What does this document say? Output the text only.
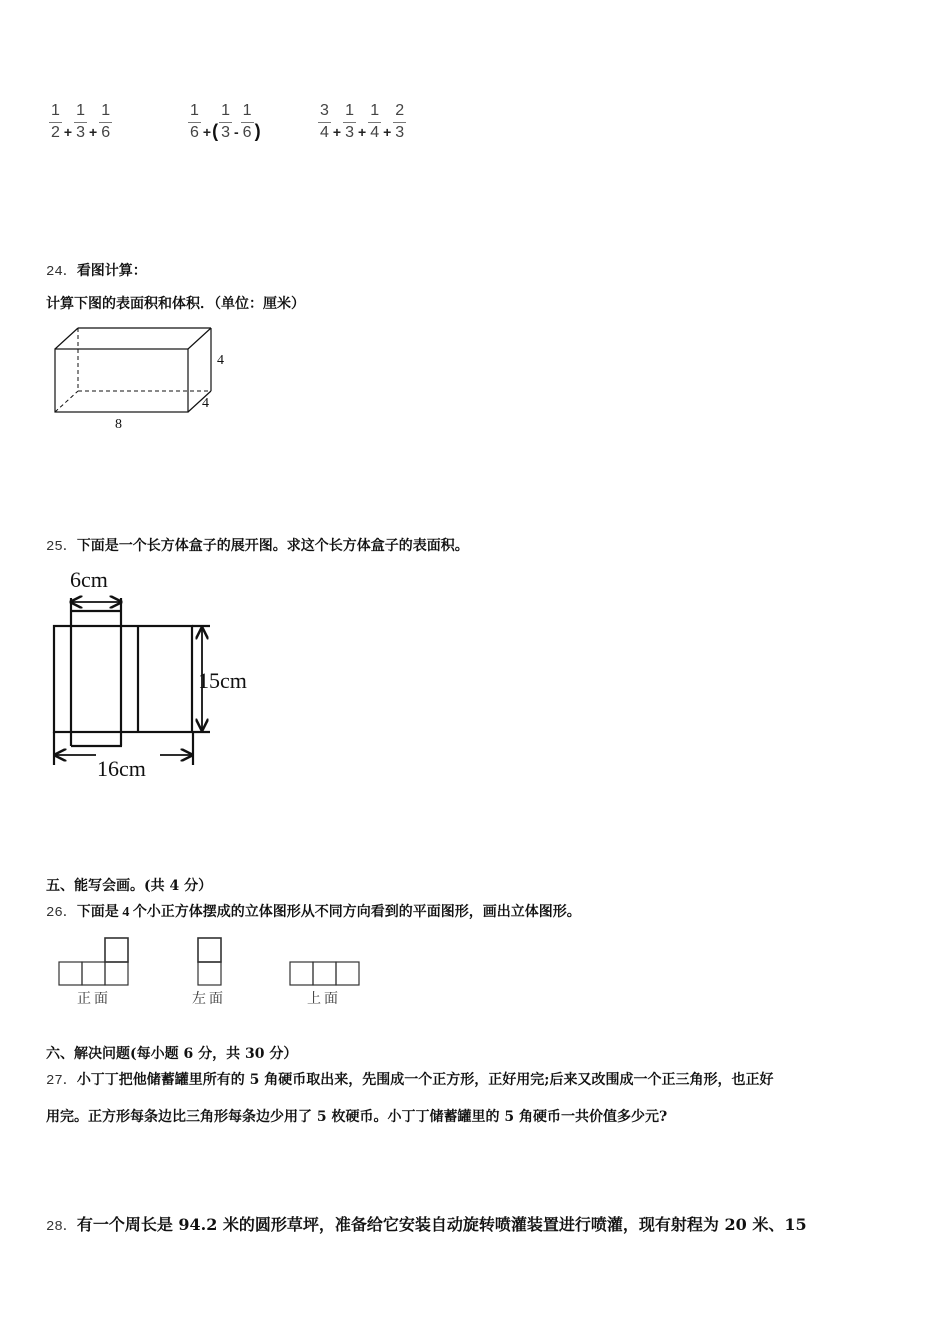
$\frac{1}{2} + \frac{1}{3} + \frac{1}{6}$	$\frac{1}{6}$ + ( $\frac{1}{3} - \frac{1}{6}$ )	$\frac{3}{4} + \frac{1}{3} + \frac{1}{4} + \frac{2}{3}$
24．看图计算：
计算下图的表面积和体积．（单位：厘米）
4
4
8
25．下面是一个长方体盒子的展开图。求这个长方体盒子的表面积。
6cm
15cm
16cm
五、能写会画。(共 4 分）
26．下面是 4 个小正方体摆成的立体图形从不同方向看到的平面图形，画出立体图形。
正面	左面	上面
六、解决问题(每小题 6 分，共 30 分）
27．小丁丁把他储蓄罐里所有的 5 角硬币取出来，先围成一个正方形，正好用完;后来又改围成一个正三角形，也正好
用完。正方形每条边比三角形每条边少用了 5 枚硬币。小丁丁储蓄罐里的 5 角硬币一共价值多少元?
28．有一个周长是 94.2 米的圆形草坪，准备给它安装自动旋转喷灌装置进行喷灌，现有射程为 20 米、15
